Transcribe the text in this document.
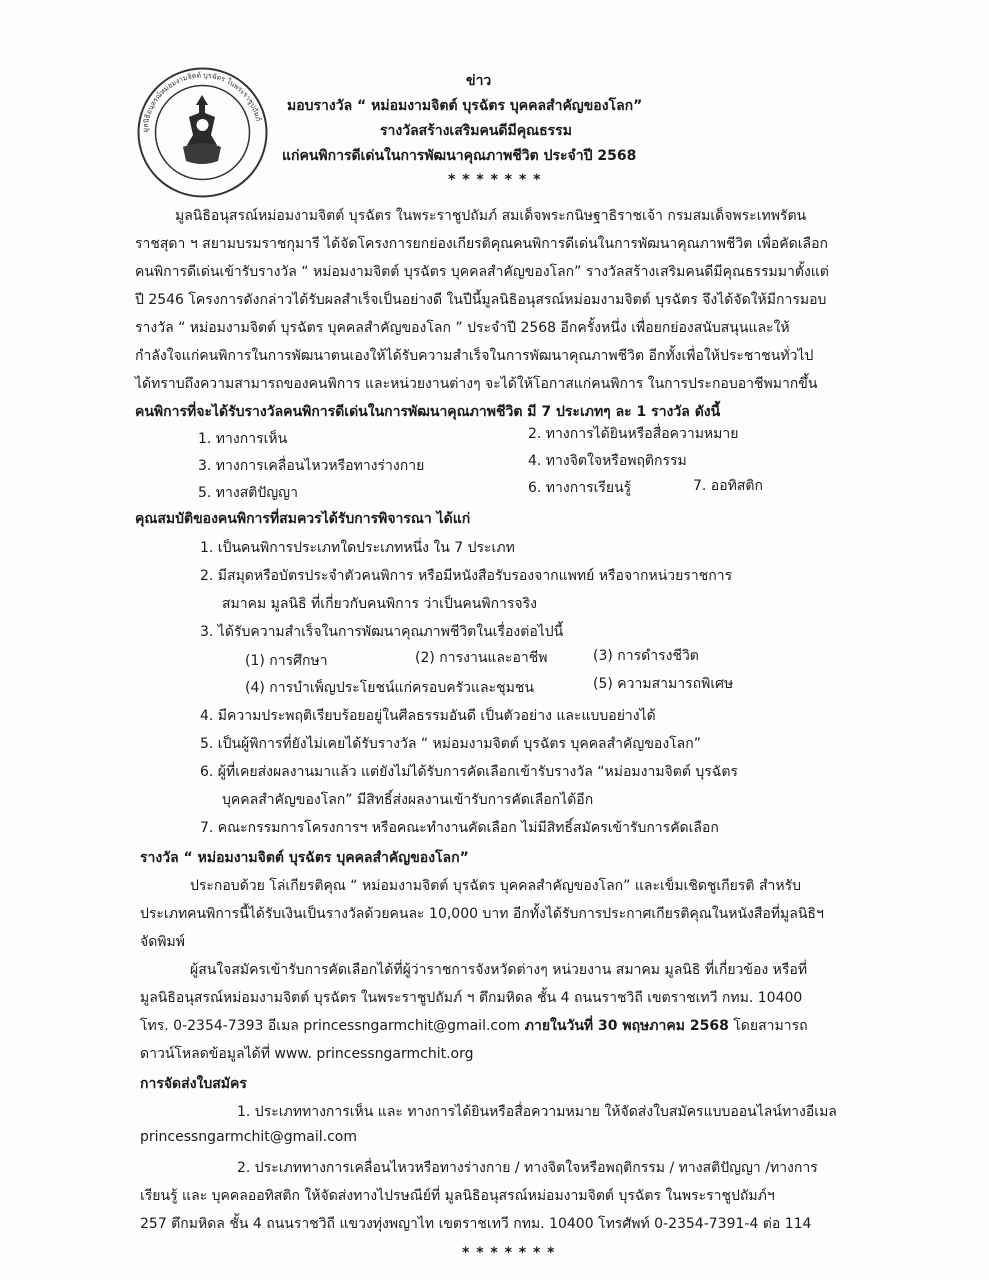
มูลนิธิอนุสรณ์หม่อมงามจิตต์ บุรฉัตร ในพระราชูปถัมภ์
ข่าว
มอบรางวัล “ หม่อมงามจิตต์ บุรฉัตร บุคคลสำคัญของโลก”
รางวัลสร้างเสริมคนดีมีคุณธรรม
แก่คนพิการดีเด่นในการพัฒนาคุณภาพชีวิต ประจำปี 2568
* * * * * * *
มูลนิธิอนุสรณ์หม่อมงามจิตต์ บุรฉัตร ในพระราชูปถัมภ์ สมเด็จพระกนิษฐาธิราชเจ้า กรมสมเด็จพระเทพรัตน
ราชสุดา ฯ สยามบรมราชกุมารี ได้จัดโครงการยกย่องเกียรติคุณคนพิการดีเด่นในการพัฒนาคุณภาพชีวิต เพื่อคัดเลือก
คนพิการดีเด่นเข้ารับรางวัล “ หม่อมงามจิตต์ บุรฉัตร บุคคลสำคัญของโลก” รางวัลสร้างเสริมคนดีมีคุณธรรมมาตั้งแต่
ปี 2546 โครงการดังกล่าวได้รับผลสำเร็จเป็นอย่างดี ในปีนี้มูลนิธิอนุสรณ์หม่อมงามจิตต์ บุรฉัตร จึงได้จัดให้มีการมอบ
รางวัล “ หม่อมงามจิตต์ บุรฉัตร บุคคลสำคัญของโลก ” ประจำปี 2568 อีกครั้งหนึ่ง เพื่อยกย่องสนับสนุนและให้
กำลังใจแก่คนพิการในการพัฒนาตนเองให้ได้รับความสำเร็จในการพัฒนาคุณภาพชีวิต อีกทั้งเพื่อให้ประชาชนทั่วไป
ได้ทราบถึงความสามารถของคนพิการ และหน่วยงานต่างๆ จะได้ให้โอกาสแก่คนพิการ ในการประกอบอาชีพมากขึ้น
คนพิการที่จะได้รับรางวัลคนพิการดีเด่นในการพัฒนาคุณภาพชีวิต มี 7 ประเภทๆ ละ 1 รางวัล ดังนี้
1. ทางการเห็น	2. ทางการได้ยินหรือสื่อความหมาย
3. ทางการเคลื่อนไหวหรือทางร่างกาย	4. ทางจิตใจหรือพฤติกรรม
5. ทางสติปัญญา	6. ทางการเรียนรู้	7. ออทิสติก
คุณสมบัติของคนพิการที่สมควรได้รับการพิจารณา ได้แก่
1. เป็นคนพิการประเภทใดประเภทหนึ่ง ใน 7 ประเภท
2. มีสมุดหรือบัตรประจำตัวคนพิการ หรือมีหนังสือรับรองจากแพทย์ หรือจากหน่วยราชการ
สมาคม มูลนิธิ ที่เกี่ยวกับคนพิการ ว่าเป็นคนพิการจริง
3. ได้รับความสำเร็จในการพัฒนาคุณภาพชีวิตในเรื่องต่อไปนี้
(1) การศึกษา	(2) การงานและอาชีพ	(3) การดำรงชีวิต
(4) การบำเพ็ญประโยชน์แก่ครอบครัวและชุมชน	(5) ความสามารถพิเศษ
4. มีความประพฤติเรียบร้อยอยู่ในศีลธรรมอันดี เป็นตัวอย่าง และแบบอย่างได้
5. เป็นผู้พิการที่ยังไม่เคยได้รับรางวัล “ หม่อมงามจิตต์ บุรฉัตร บุคคลสำคัญของโลก”
6. ผู้ที่เคยส่งผลงานมาแล้ว แต่ยังไม่ได้รับการคัดเลือกเข้ารับรางวัล “หม่อมงามจิตต์ บุรฉัตร
บุคคลสำคัญของโลก” มีสิทธิ์ส่งผลงานเข้ารับการคัดเลือกได้อีก
7. คณะกรรมการโครงการฯ หรือคณะทำงานคัดเลือก ไม่มีสิทธิ์สมัครเข้ารับการคัดเลือก
รางวัล “ หม่อมงามจิตต์ บุรฉัตร บุคคลสำคัญของโลก”
ประกอบด้วย โล่เกียรติคุณ “ หม่อมงามจิตต์ บุรฉัตร บุคคลสำคัญของโลก” และเข็มเชิดชูเกียรติ สำหรับ
ประเภทคนพิการนี้ได้รับเงินเป็นรางวัลด้วยคนละ 10,000 บาท อีกทั้งได้รับการประกาศเกียรติคุณในหนังสือที่มูลนิธิฯ
จัดพิมพ์
ผู้สนใจสมัครเข้ารับการคัดเลือกได้ที่ผู้ว่าราชการจังหวัดต่างๆ หน่วยงาน สมาคม มูลนิธิ ที่เกี่ยวข้อง หรือที่
มูลนิธิอนุสรณ์หม่อมงามจิตต์ บุรฉัตร ในพระราชูปถัมภ์ ฯ ตึกมหิดล ชั้น 4 ถนนราชวิถี เขตราชเทวี กทม. 10400
โทร. 0-2354-7393 อีเมล princessngarmchit@gmail.com ภายในวันที่ 30 พฤษภาคม 2568 โดยสามารถ
ดาวน์โหลดข้อมูลได้ที่ www. princessngarmchit.org
การจัดส่งใบสมัคร
1. ประเภททางการเห็น และ ทางการได้ยินหรือสื่อความหมาย ให้จัดส่งใบสมัครแบบออนไลน์ทางอีเมล
princessngarmchit@gmail.com
2. ประเภททางการเคลื่อนไหวหรือทางร่างกาย / ทางจิตใจหรือพฤติกรรม / ทางสติปัญญา /ทางการ
เรียนรู้ และ บุคคลออทิสติก ให้จัดส่งทางไปรษณีย์ที่ มูลนิธิอนุสรณ์หม่อมงามจิตต์ บุรฉัตร ในพระราชูปถัมภ์ฯ
257 ตึกมหิดล ชั้น 4 ถนนราชวิถี แขวงทุ่งพญาไท เขตราชเทวี กทม. 10400 โทรศัพท์ 0-2354-7391-4 ต่อ 114
* * * * * * *
